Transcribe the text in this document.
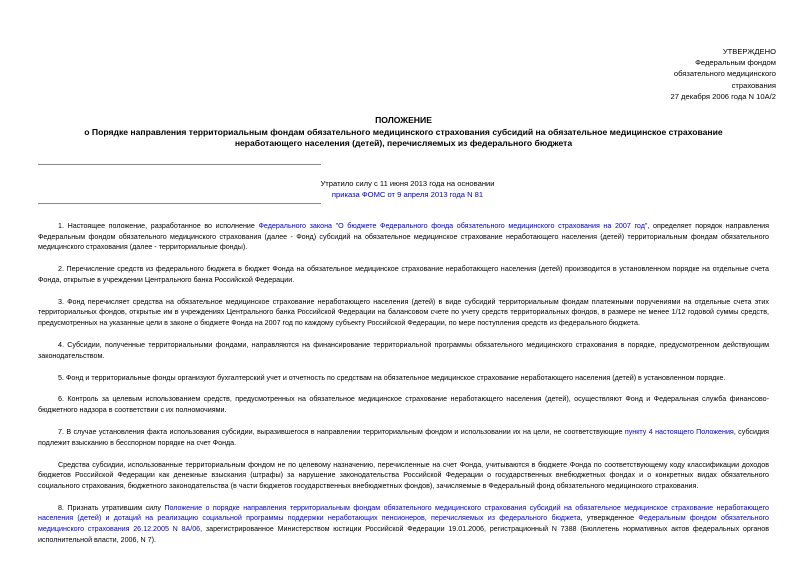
УТВЕРЖДЕНО
Федеральным фондом
обязательного медицинского
страхования
27 декабря 2006 года N 10А/2
ПОЛОЖЕНИЕ
о Порядке направления территориальным фондам обязательного медицинского страхования субсидий на обязательное медицинское страхование
неработающего населения (детей), перечисляемых из федерального бюджета
Утратило силу с 11 июня 2013 года на основании
приказа ФОМС от 9 апреля 2013 года N 81

1. Настоящее положение, разработанное во исполнение Федерального закона "О бюджете Федерального фонда обязательного медицинского страхования на 2007 год", определяет порядок направления Федеральным фондом обязательного медицинского страхования (далее - Фонд) субсидий на обязательное медицинское страхование неработающего населения (детей) территориальным фондам обязательного медицинского страхования (далее - территориальные фонды).

2. Перечисление средств из федерального бюджета в бюджет Фонда на обязательное медицинское страхование неработающего населения (детей) производится в установленном порядке на отдельные счета Фонда, открытые в учреждении Центрального банка Российской Федерации.

3. Фонд перечисляет средства на обязательное медицинское страхование неработающего населения (детей) в виде субсидий территориальным фондам платежными поручениями на отдельные счета этих территориальных фондов, открытые им в учреждениях Центрального банка Российской Федерации на балансовом счете по учету средств территориальных фондов, в размере не менее 1/12 годовой суммы средств, предусмотренных на указанные цели в законе о бюджете Фонда на 2007 год по каждому субъекту Российской Федерации, по мере поступления средств из федерального бюджета.

4. Субсидии, полученные территориальными фондами, направляются на финансирование территориальной программы обязательного медицинского страхования в порядке, предусмотренном действующим законодательством.

5. Фонд и территориальные фонды организуют бухгалтерский учет и отчетность по средствам на обязательное медицинское страхование неработающего населения (детей) в установленном порядке.

6. Контроль за целевым использованием средств, предусмотренных на обязательное медицинское страхование неработающего населения (детей), осуществляют Фонд и Федеральная служба финансово-бюджетного надзора в соответствии с их полномочиями.

7. В случае установления факта использования субсидии, выразившегося в направлении территориальным фондом и использовании их на цели, не соответствующие пункту 4 настоящего Положения, субсидия подлежит взысканию в бесспорном порядке на счет Фонда.

Средства субсидии, использованные территориальным фондом не по целевому назначению, перечисленные на счет Фонда, учитываются в бюджете Фонда по соответствующему коду классификации доходов бюджетов Российской Федерации как денежные взыскания (штрафы) за нарушение законодательства Российской Федерации о государственных внебюджетных фондах и о конкретных видах обязательного социального страхования, бюджетного законодательства (в части бюджетов государственных внебюджетных фондов), зачисляемые в Федеральный фонд обязательного медицинского страхования.

8. Признать утратившим силу Положение о порядке направления территориальным фондам обязательного медицинского страхования субсидий на обязательное медицинское страхование неработающего населения (детей) и дотаций на реализацию социальной программы поддержки неработающих пенсионеров, перечисляемых из федерального бюджета, утвержденное Федеральным фондом обязательного медицинского страхования 26.12.2005 N 8А/06, зарегистрированное Министерством юстиции Российской Федерации 19.01.2006, регистрационный N 7388 (Бюллетень нормативных актов федеральных органов исполнительной власти, 2006, N 7).
